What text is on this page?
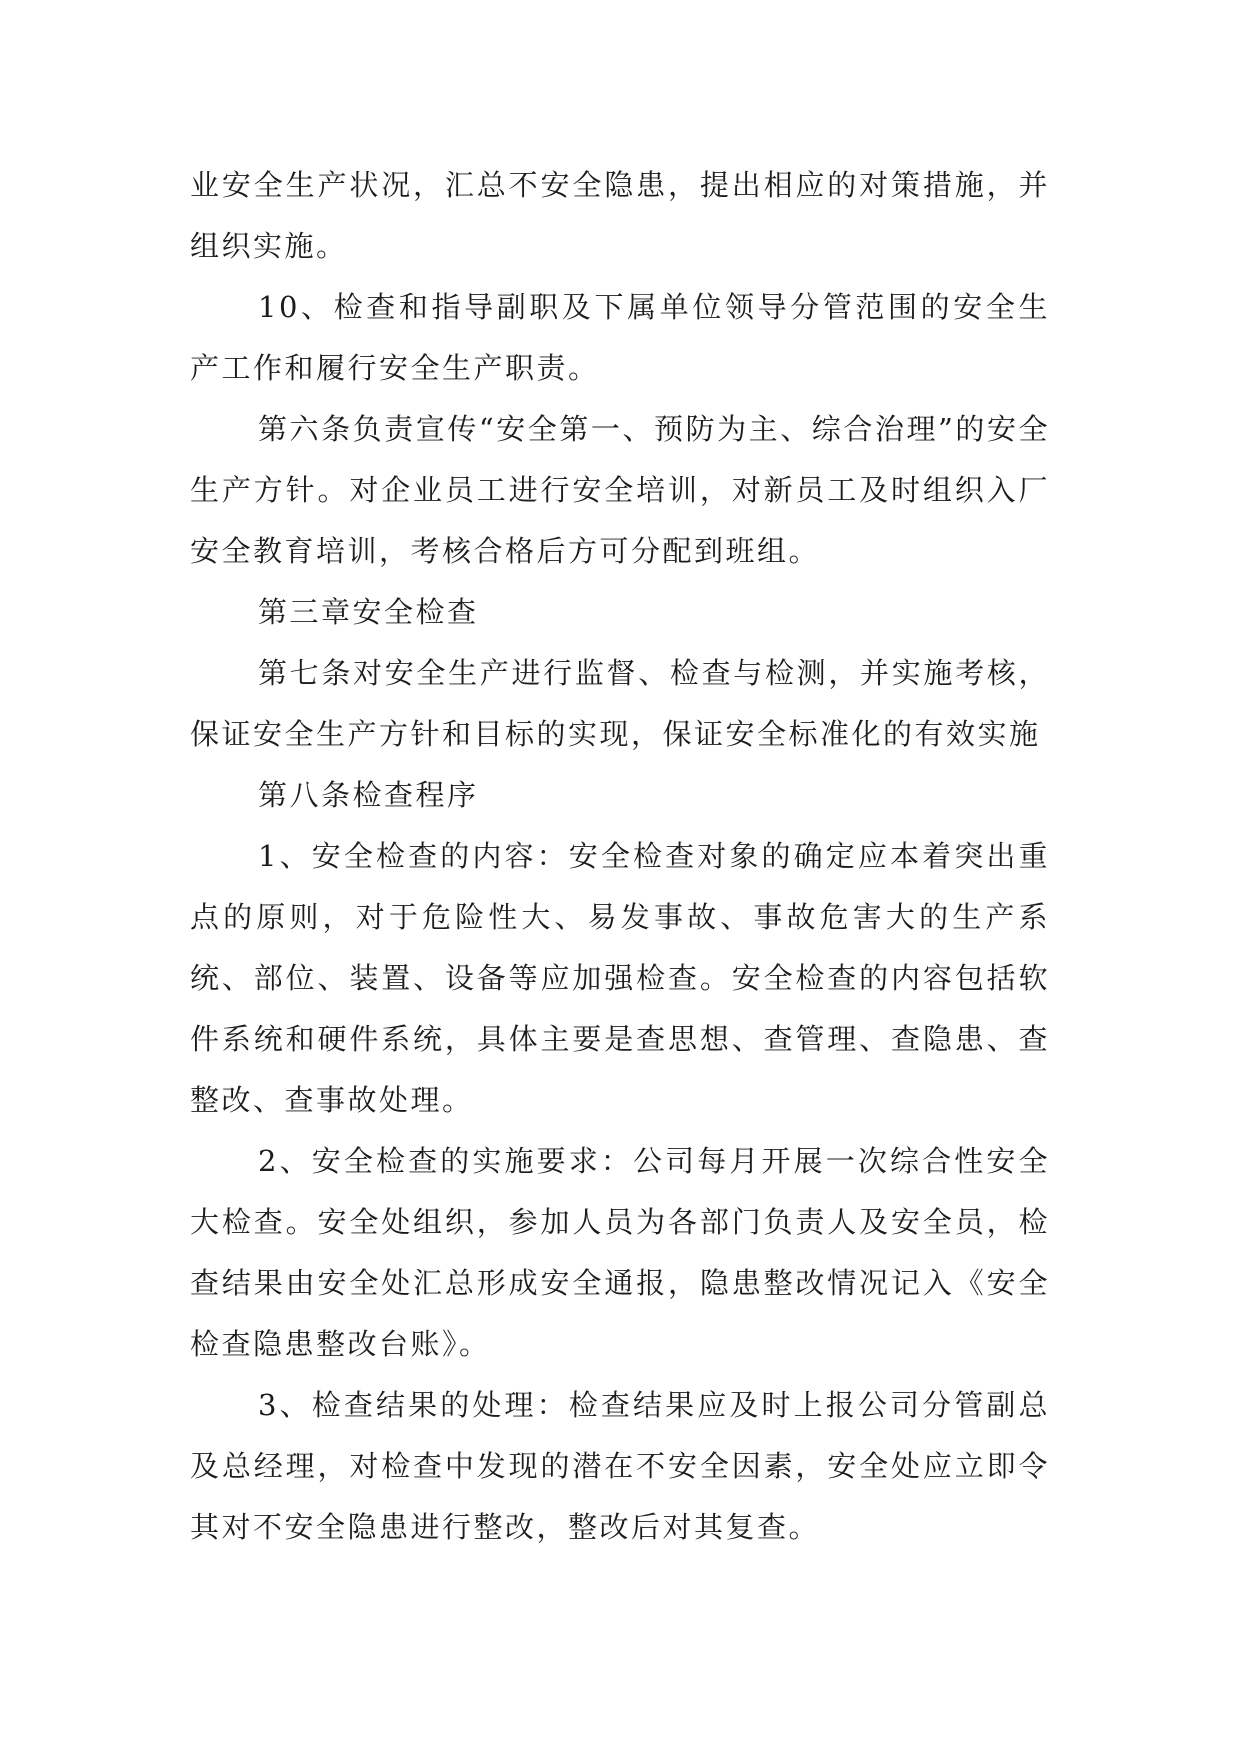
业安全生产状况，汇总不安全隐患，提出相应的对策措施，并组织实施。

10、检查和指导副职及下属单位领导分管范围的安全生产工作和履行安全生产职责。

第六条负责宣传“安全第一、预防为主、综合治理”的安全生产方针。对企业员工进行安全培训，对新员工及时组织入厂安全教育培训，考核合格后方可分配到班组。

第三章安全检查

第七条对安全生产进行监督、检查与检测，并实施考核，保证安全生产方针和目标的实现，保证安全标准化的有效实施

第八条检查程序

1、安全检查的内容：安全检查对象的确定应本着突出重点的原则，对于危险性大、易发事故、事故危害大的生产系统、部位、装置、设备等应加强检查。安全检查的内容包括软件系统和硬件系统，具体主要是查思想、查管理、查隐患、查整改、查事故处理。

2、安全检查的实施要求：公司每月开展一次综合性安全大检查。安全处组织，参加人员为各部门负责人及安全员，检查结果由安全处汇总形成安全通报，隐患整改情况记入《安全检查隐患整改台账》。

3、检查结果的处理：检查结果应及时上报公司分管副总及总经理，对检查中发现的潜在不安全因素，安全处应立即令其对不安全隐患进行整改，整改后对其复查。
